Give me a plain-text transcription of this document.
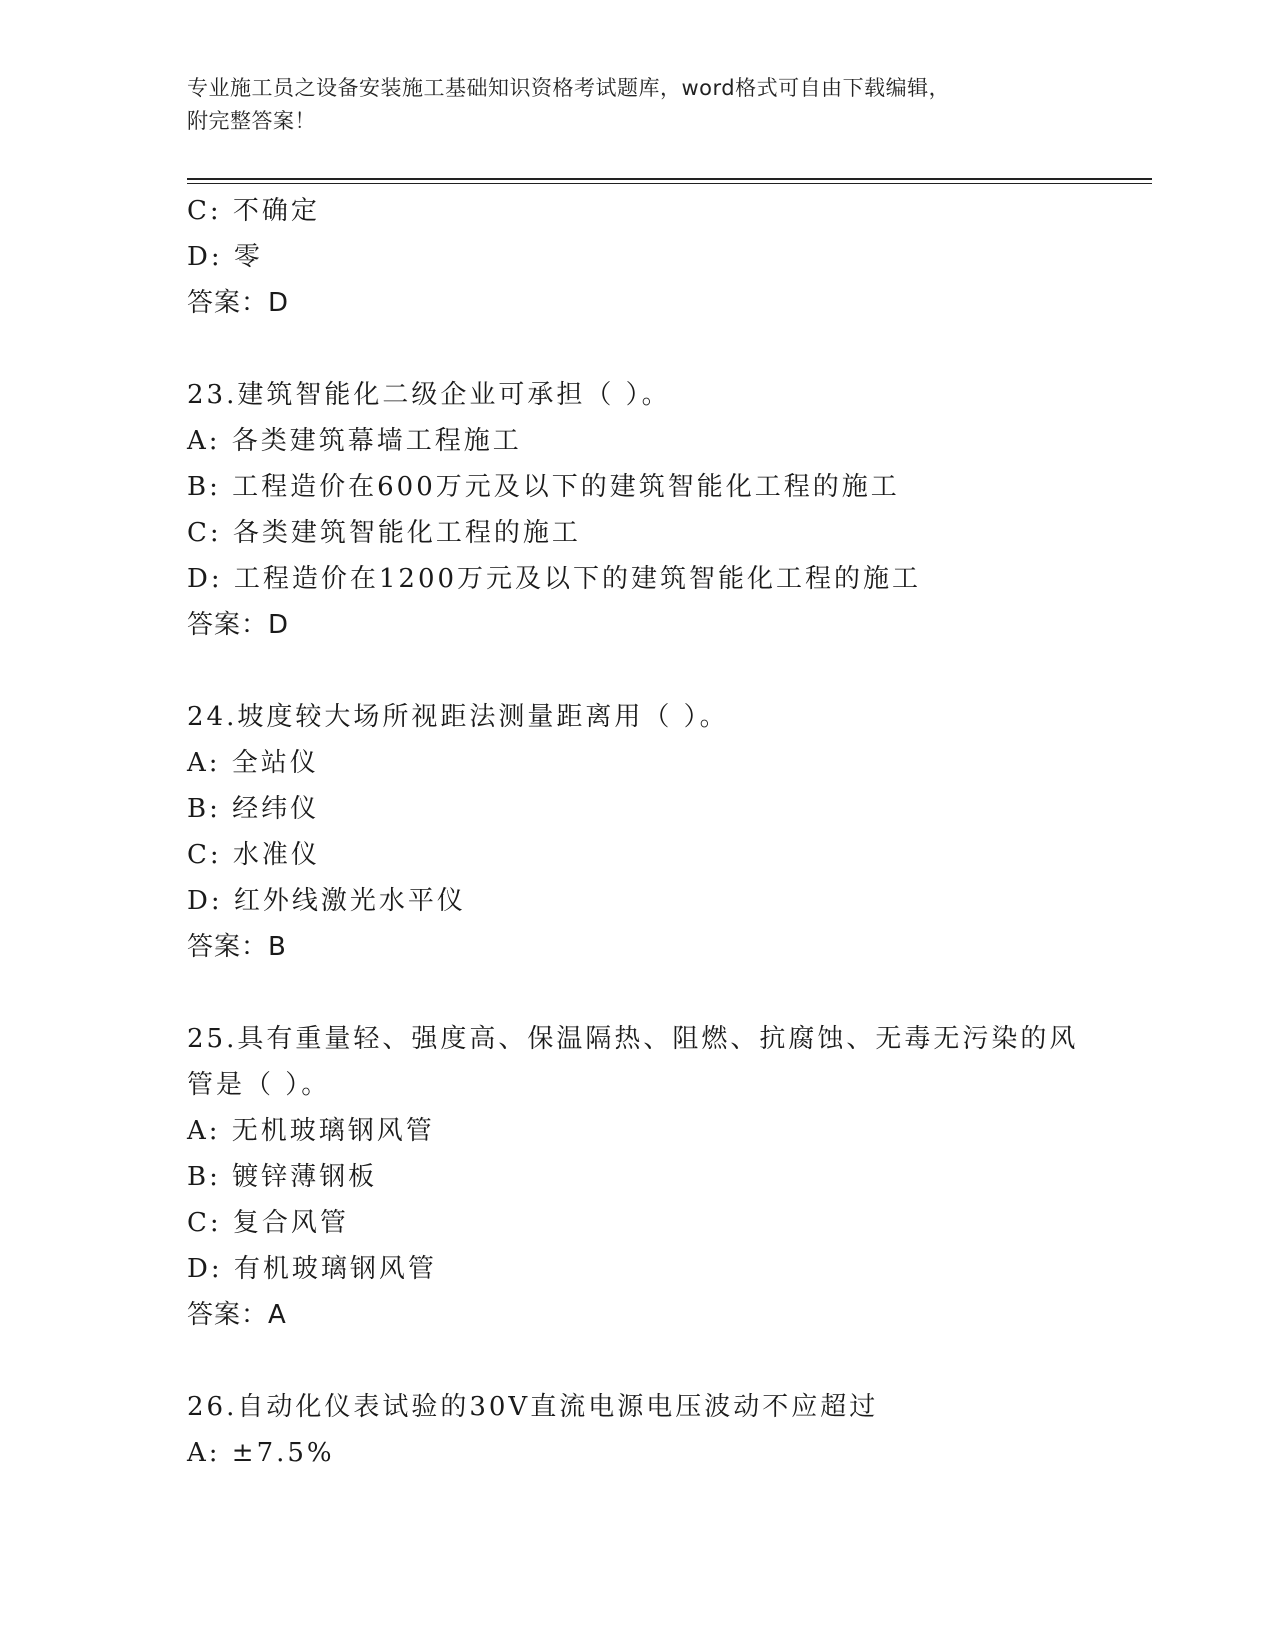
专业施工员之设备安装施工基础知识资格考试题库，word格式可自由下载编辑，
附完整答案！
C: 不确定
D: 零
答案：D
23.建筑智能化二级企业可承担（ ）。
A: 各类建筑幕墙工程施工
B: 工程造价在600万元及以下的建筑智能化工程的施工
C: 各类建筑智能化工程的施工
D: 工程造价在1200万元及以下的建筑智能化工程的施工
答案：D
24.坡度较大场所视距法测量距离用（ ）。
A: 全站仪
B: 经纬仪
C: 水准仪
D: 红外线激光水平仪
答案：B
25.具有重量轻、强度高、保温隔热、阻燃、抗腐蚀、无毒无污染的风
管是（ ）。
A: 无机玻璃钢风管
B: 镀锌薄钢板
C: 复合风管
D: 有机玻璃钢风管
答案：A
26.自动化仪表试验的30V直流电源电压波动不应超过
A: ±7.5%
